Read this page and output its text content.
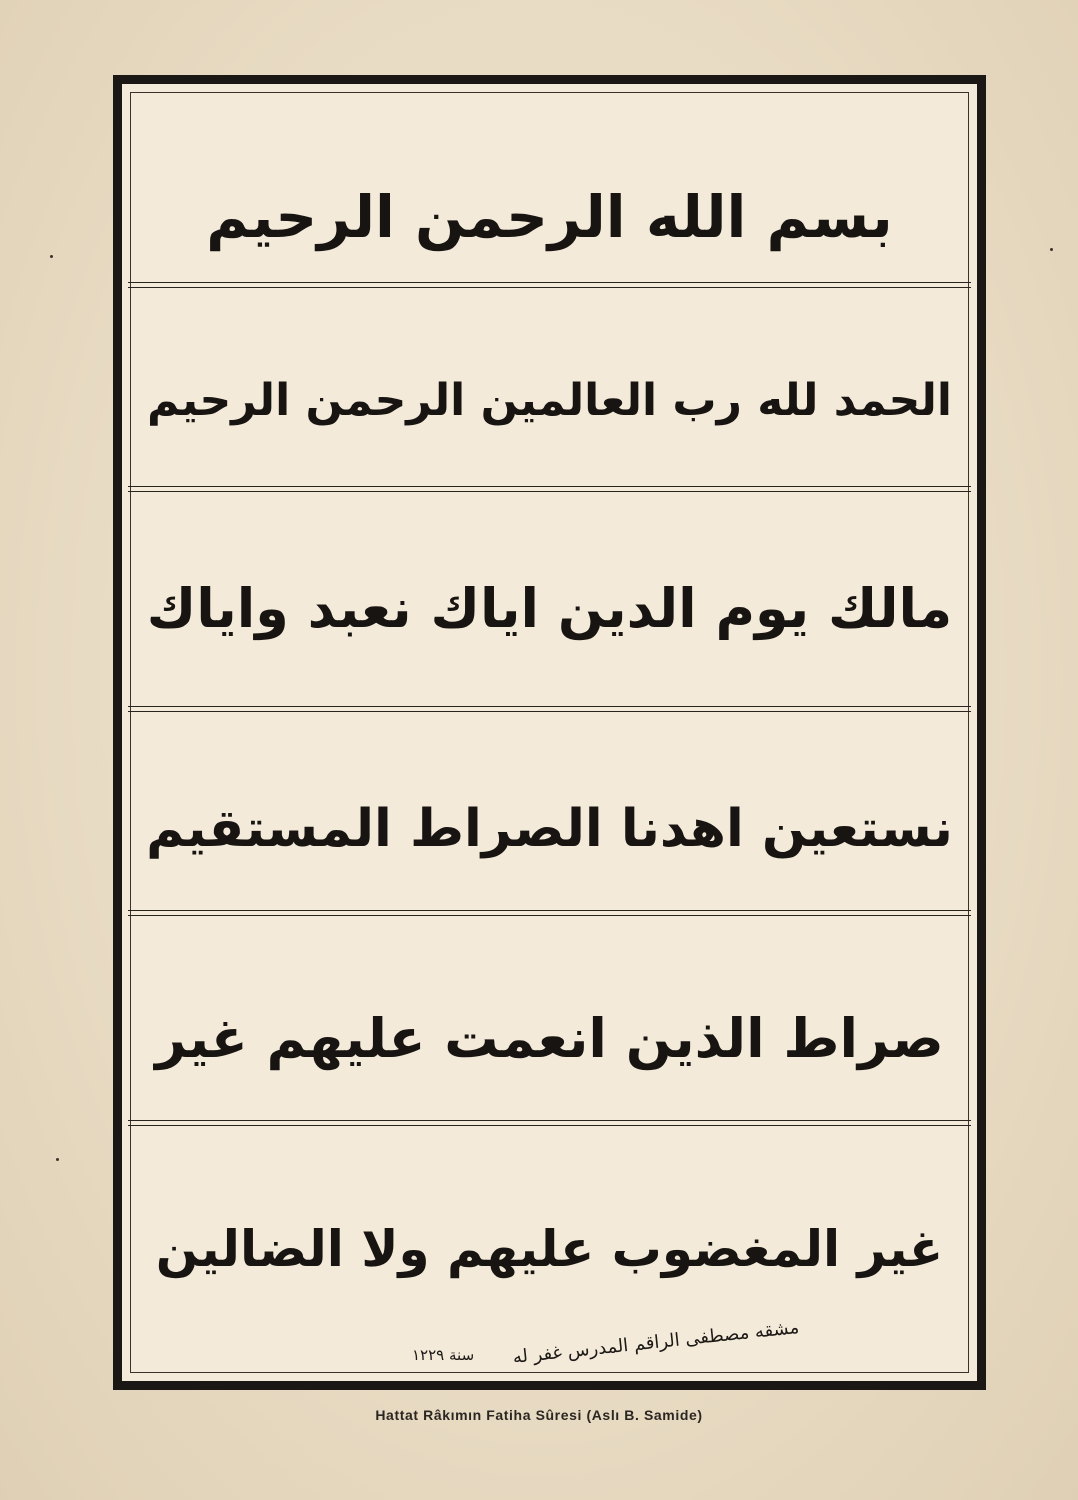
بسم الله الرحمن الرحيم
الحمد لله رب العالمين الرحمن الرحيم
مالك يوم الدين اياك نعبد واياك
نستعين اهدنا الصراط المستقيم
صراط الذين انعمت عليهم غير
غير المغضوب عليهم ولا الضالين
مشقه مصطفى الراقم المدرس غفر له
سنة ١٢٢٩
Hattat Râkımın Fatiha Sûresi (Aslı B. Samide)
